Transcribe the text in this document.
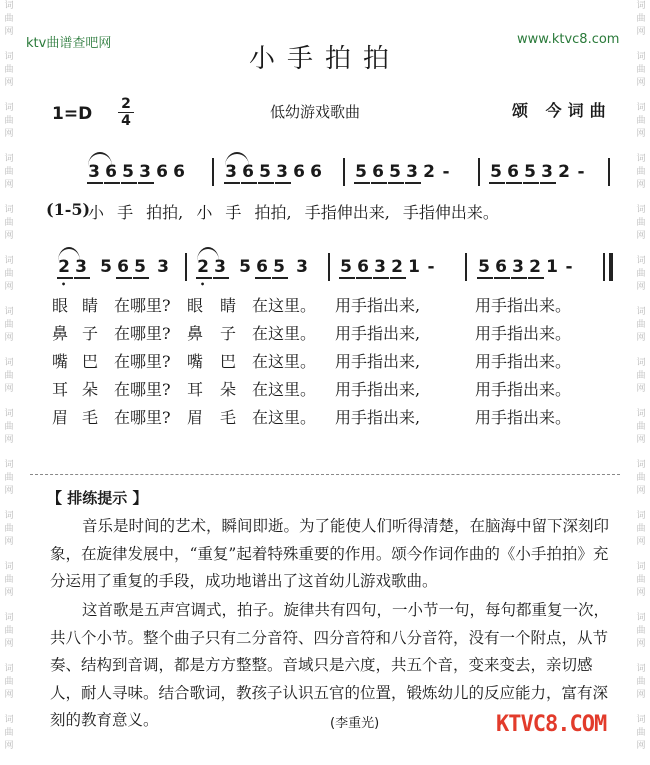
词
曲
网
词
曲
网
词
曲
网
词
曲
网
词
曲
网
词
曲
网
词
曲
网
词
曲
网
词
曲
网
词
曲
网
词
曲
网
词
曲
网
词
曲
网
词
曲
网
词
曲
网
词
曲
网
词
曲
网
词
曲
网
词
曲
网
词
曲
网
词
曲
网
词
曲
网
词
曲
网
词
曲
网
词
曲
网
词
曲
网
词
曲
网
词
曲
网
词
曲
网
词
曲
网
ktv曲谱查吧网	www.ktvc8.com
小手拍拍
1=D 2
4	低幼游戏歌曲	颂 今词曲
3 6 5 3 6 6 3 6 5 3 6 6 5 6 5 3 2 - 5 6 5 3 2 -
(1-5)
小 手 拍拍, 小 手 拍拍, 手指伸出来, 手指伸出来。
• 2 3 5 6 5 3
• 2 3 5 6 5 3 5 6 3 2 1 -	5 6 3 2 1 -
眼 睛 在哪里? 眼 睛 在这里。 用手指出来,	用手指出来。
鼻 子 在哪里? 鼻 子 在这里。 用手指出来,	用手指出来。
嘴 巴 在哪里? 嘴 巴 在这里。 用手指出来,	用手指出来。
耳 朵 在哪里? 耳 朵 在这里。 用手指出来,	用手指出来。
眉 毛 在哪里? 眉 毛 在这里。 用手指出来,	用手指出来。
【 排练提示 】
音乐是时间的艺术，瞬间即逝。为了能使人们听得清楚，在脑海中留下深刻印象，在旋律发展中，“重复”起着特殊重要的作用。颂今作词作曲的《小手拍拍》充分运用了重复的手段，成功地谱出了这首幼儿游戏歌曲。
这首歌是五声宫调式，拍子。旋律共有四句，一小节一句，每句都重复一次，共八个小节。整个曲子只有二分音符、四分音符和八分音符，没有一个附点，从节奏、结构到音调，都是方方整整。音域只是六度，共五个音，变来变去，亲切感人，耐人寻味。结合歌词，教孩子认识五官的位置，锻炼幼儿的反应能力，富有深刻的教育意义。	(李重光)	KTVC8.COM
